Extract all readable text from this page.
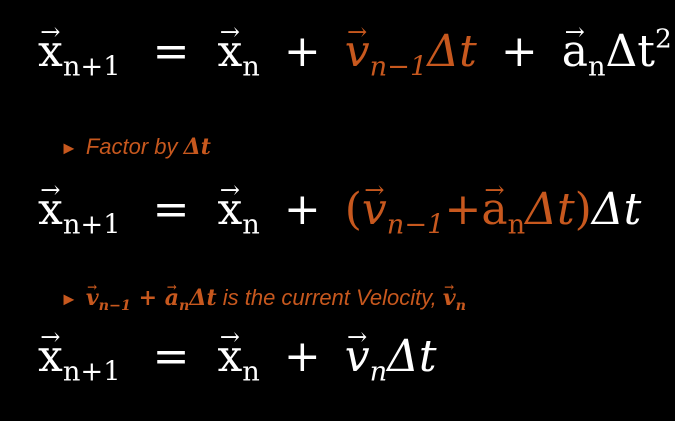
→ $x_{n+1}$ = → $x_n$ + → $v_{n-1}\Delta t$ + → $a_n\Delta t^2$
► Factor by Δt
→ $x_{n+1}$ = → $x_n$ + (→ $v_{n-1}+\to a_n\Delta t)\Delta t$
► → $v_{n-1}$ + → $a_n\Delta t$ is the current Velocity, → $v_n$
→ $x_{n+1}$ = → $x_n$ + → $v_n\Delta t$
